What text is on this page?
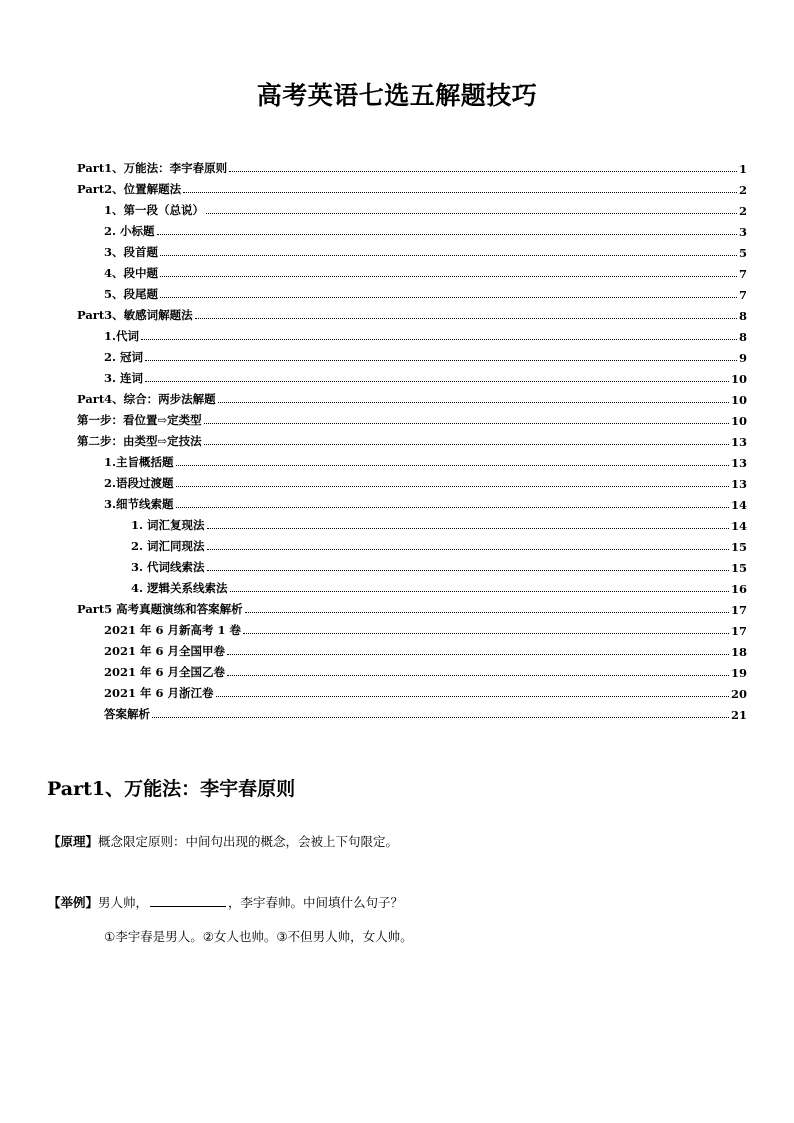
高考英语七选五解题技巧
Part1、万能法：李宇春原则	1
Part2、位置解题法	2
1、第一段（总说）	2
2. 小标题	3
3、段首题	5
4、段中题	7
5、段尾题	7
Part3、敏感词解题法	8
1.代词	8
2. 冠词	9
3. 连词	10
Part4、综合：两步法解题	10
第一步：看位置⇨定类型	10
第二步：由类型⇨定技法	13
1.主旨概括题	13
2.语段过渡题	13
3.细节线索题	14
1. 词汇复现法	14
2. 词汇同现法	15
3. 代词线索法	15
4. 逻辑关系线索法	16
Part5 高考真题演练和答案解析	17
2021 年 6 月新高考 1 卷	17
2021 年 6 月全国甲卷	18
2021 年 6 月全国乙卷	19
2021 年 6 月浙江卷	20
答案解析	21
Part1、万能法：李宇春原则
【原理】概念限定原则：中间句出现的概念，会被上下句限定。
【举例】男人帅，	，李宇春帅。中间填什么句子？
①李宇春是男人。②女人也帅。③不但男人帅，女人帅。
